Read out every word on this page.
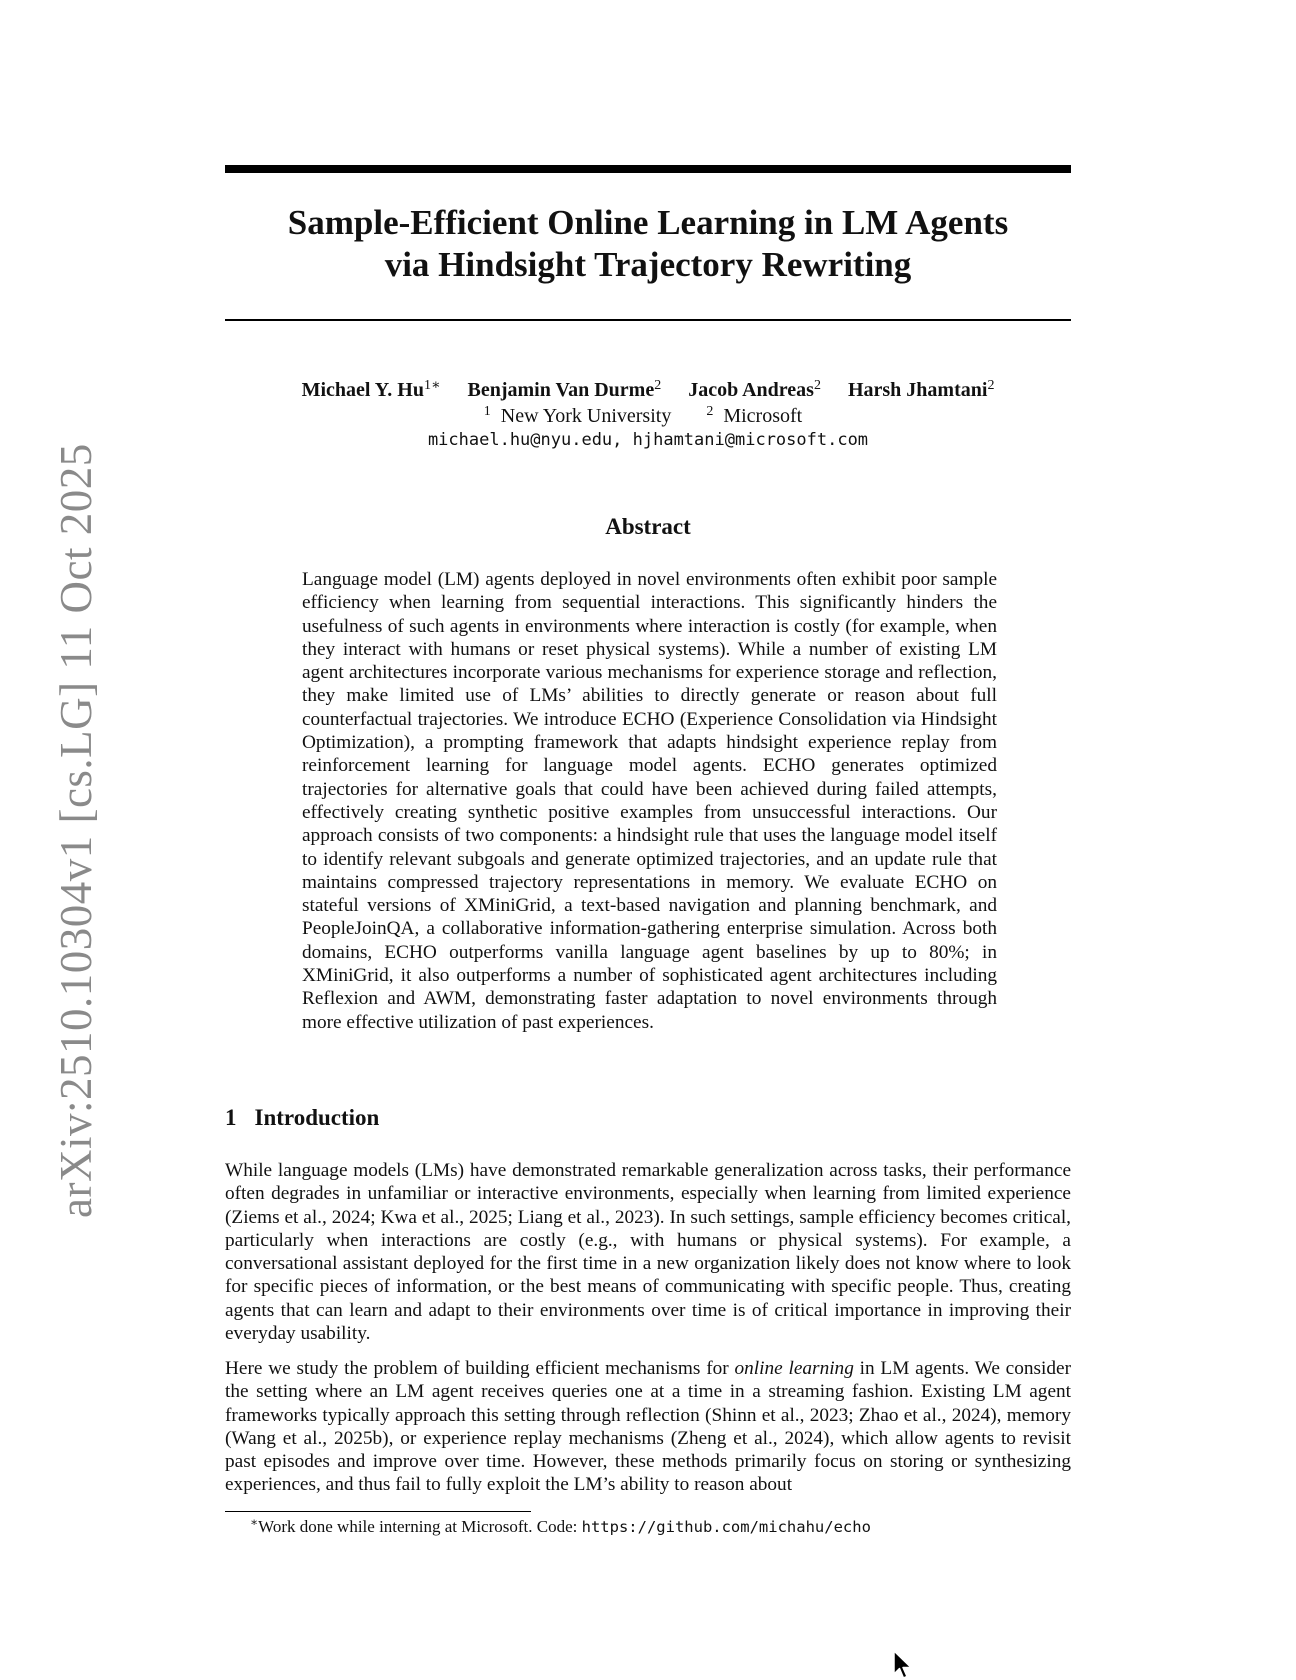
arXiv:2510.10304v1 [cs.LG] 11 Oct 2025
Sample-Efficient Online Learning in LM Agents
via Hindsight Trajectory Rewriting
Michael Y. $Hu^{1∗}$ Benjamin Van Durme$^2$ Jacob Andreas$^2$ Harsh Jhamtani$^2$
$^1$ New York University	$^2$ Microsoft
michael.hu@nyu.edu, hjhamtani@microsoft.com
Abstract
Language model (LM) agents deployed in novel environments often exhibit poor sample efficiency when learning from sequential interactions. This significantly hinders the usefulness of such agents in environments where interaction is costly (for example, when they interact with humans or reset physical systems). While a number of existing LM agent architectures incorporate various mechanisms for experience storage and reflection, they make limited use of LMs’ abilities to directly generate or reason about full counterfactual trajectories. We introduce ECHO (Experience Consolidation via Hindsight Optimization), a prompting framework that adapts hindsight experience replay from reinforcement learning for language model agents. ECHO generates optimized trajectories for alternative goals that could have been achieved during failed attempts, effectively creating synthetic positive examples from unsuccessful interactions. Our approach consists of two components: a hindsight rule that uses the language model itself to identify relevant subgoals and generate optimized trajectories, and an update rule that maintains compressed trajectory representations in memory. We evaluate ECHO on stateful versions of XMiniGrid, a text-based navigation and planning benchmark, and PeopleJoinQA, a collaborative information-gathering enterprise simulation. Across both domains, ECHO outperforms vanilla language agent baselines by up to 80%; in XMiniGrid, it also outperforms a number of sophisticated agent architectures including Reflexion and AWM, demonstrating faster adaptation to novel environments through more effective utilization of past experiences.
1 Introduction

While language models (LMs) have demonstrated remarkable generalization across tasks, their performance often degrades in unfamiliar or interactive environments, especially when learning from limited experience (Ziems et al., 2024; Kwa et al., 2025; Liang et al., 2023). In such settings, sample efficiency becomes critical, particularly when interactions are costly (e.g., with humans or physical systems). For example, a conversational assistant deployed for the first time in a new organization likely does not know where to look for specific pieces of information, or the best means of communicating with specific people. Thus, creating agents that can learn and adapt to their environments over time is of critical importance in improving their everyday usability.

Here we study the problem of building efficient mechanisms for online learning in LM agents. We consider the setting where an LM agent receives queries one at a time in a streaming fashion. Existing LM agent frameworks typically approach this setting through reflection (Shinn et al., 2023; Zhao et al., 2024), memory (Wang et al., 2025b), or experience replay mechanisms (Zheng et al., 2024), which allow agents to revisit past episodes and improve over time. However, these methods primarily focus on storing or synthesizing experiences, and thus fail to fully exploit the LM’s ability to reason about

∗Work done while interning at Microsoft. Code: https://github.com/michahu/echo
